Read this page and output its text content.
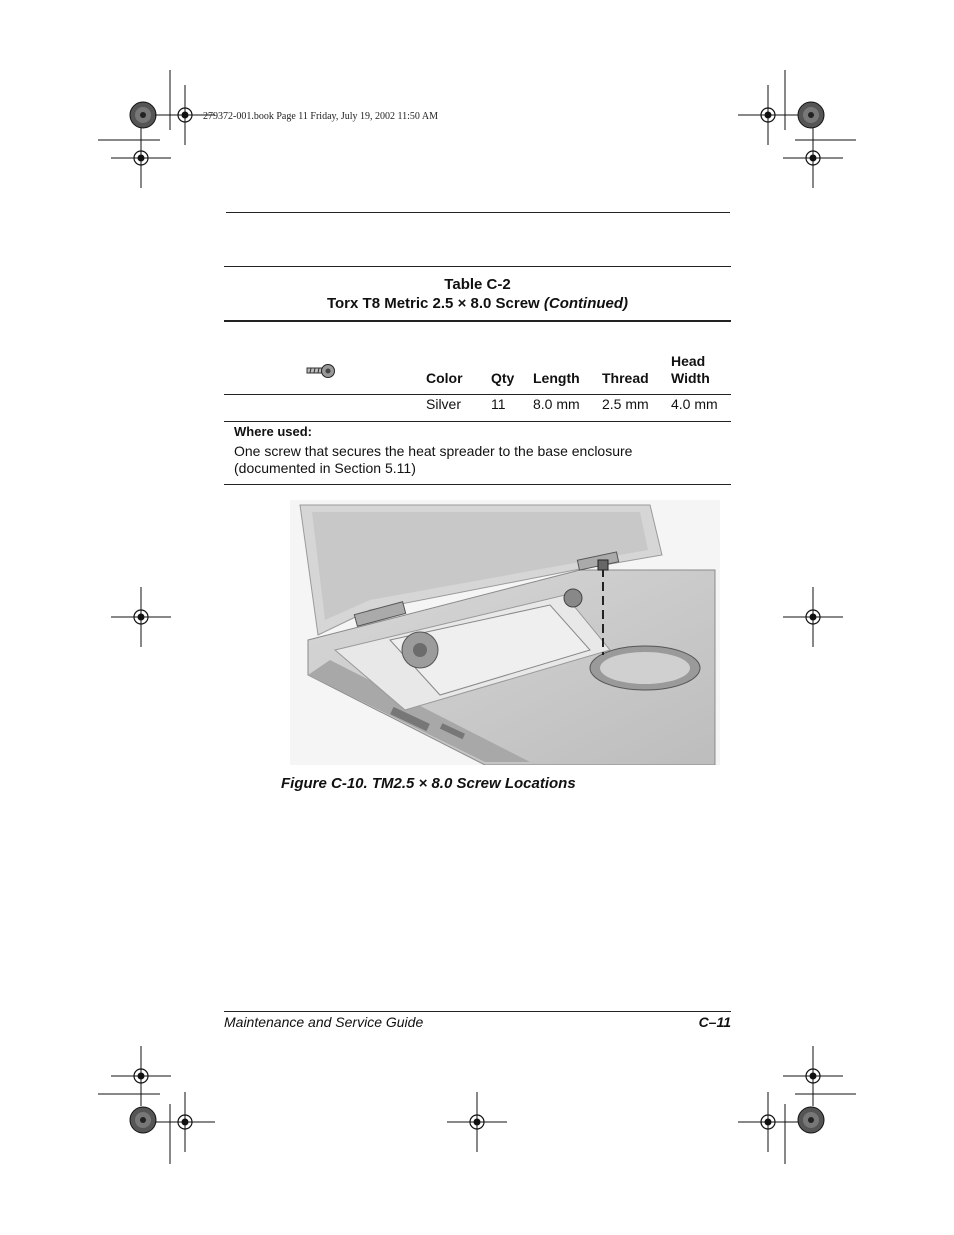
279372-001.book Page 11 Friday, July 19, 2002 11:50 AM
Table C-2
Torx T8 Metric 2.5 × 8.0 Screw (Continued)
Color Qty Length Thread
Head
Width
Silver 11 8.0 mm 2.5 mm 4.0 mm
Where used:
One screw that secures the heat spreader to the base enclosure (documented in Section 5.11)
Figure C-10. TM2.5 × 8.0 Screw Locations
Maintenance and Service Guide	C–11
